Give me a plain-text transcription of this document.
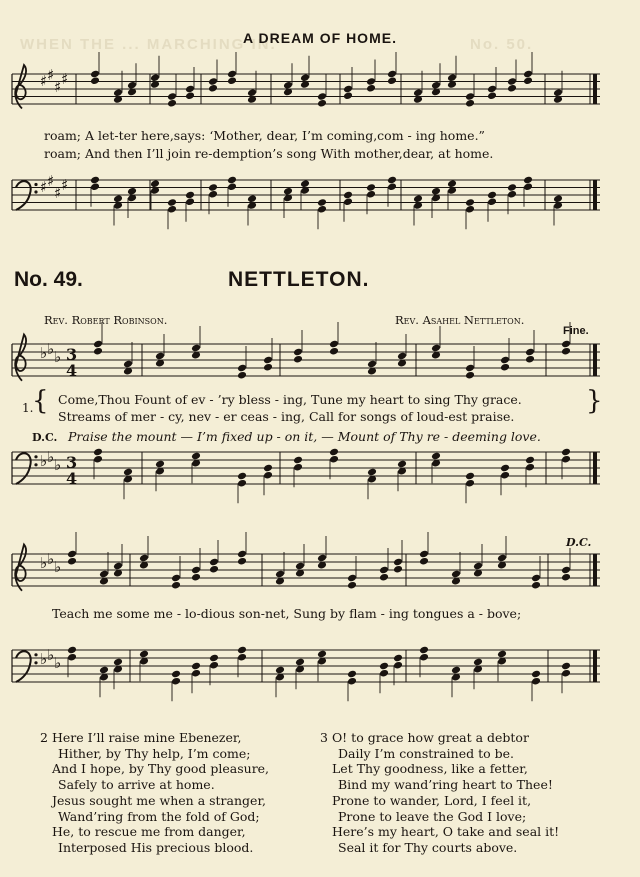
WHEN THE ... MARCHING IN.	No. 50.
A DREAM OF HOME.
♯ ♯
♯ ♯
♯ ♯
♯ ♯
♭ ♭ ♭
♭ ♭ ♭
♭ ♭ ♭
♭ ♭ ♭
3
4
3
4
roam; A let-ter here,says: ‘Mother, dear, I’m coming,com - ing home.”
roam; And then I’ll join re-demption’s song With mother,dear, at home.
No. 49.	NETTLETON.
Rev. Robert Robinson.	Rev. Asahel Nettleton.
Fine.
1.
{ Come,Thou Fount of ev - ’ry bless - ing, Tune my heart to sing Thy grace.
Streams of mer - cy, nev - er ceas - ing, Call for songs of loud-est praise.
}
D.C. Praise the mount — I’m fixed up - on it, — Mount of Thy re - deeming love.
D.C.
Teach me some me - lo-dious son-net, Sung by flam - ing tongues a - bove;
2 Here I’ll raise mine Ebenezer,
Hither, by Thy help, I’m come;
And I hope, by Thy good pleasure,
Safely to arrive at home.
Jesus sought me when a stranger,
Wand’ring from the fold of God;
He, to rescue me from danger,
Interposed His precious blood.
3 O! to grace how great a debtor
Daily I’m constrained to be.
Let Thy goodness, like a fetter,
Bind my wand’ring heart to Thee!
Prone to wander, Lord, I feel it,
Prone to leave the God I love;
Here’s my heart, O take and seal it!
Seal it for Thy courts above.
